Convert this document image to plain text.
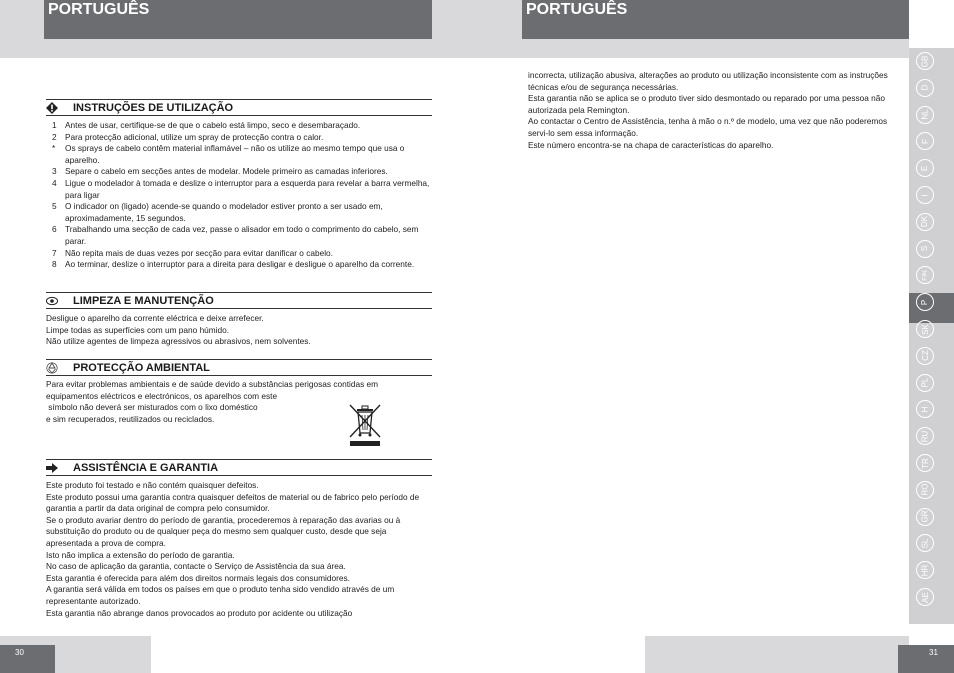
PORTUGUÊS	PORTUGUÊS
INSTRUÇÕES DE UTILIZAÇÃO
1 Antes de usar, certifique-se de que o cabelo está limpo, seco e desembaraçado.
2 Para protecção adicional, utilize um spray de protecção contra o calor.
* Os sprays de cabelo contêm material inflamável – não os utilize ao mesmo tempo que usa o aparelho.
3 Separe o cabelo em secções antes de modelar. Modele primeiro as camadas inferiores.
4 Ligue o modelador à tomada e deslize o interruptor para a esquerda para revelar a barra vermelha, para ligar
5 O indicador on (ligado) acende-se quando o modelador estiver pronto a ser usado em, aproximadamente, 15 segundos.
6 Trabalhando uma secção de cada vez, passe o alisador em todo o comprimento do cabelo, sem parar.
7 Não repita mais de duas vezes por secção para evitar danificar o cabelo.
8 Ao terminar, deslize o interruptor para a direita para desligar e desligue o aparelho da corrente.
LIMPEZA E MANUTENÇÃO
Desligue o aparelho da corrente eléctrica e deixe arrefecer.
Limpe todas as superfícies com um pano húmido.
Não utilize agentes de limpeza agressivos ou abrasivos, nem solventes.
PROTECÇÃO AMBIENTAL
Para evitar problemas ambientais e de saúde devido a substâncias perigosas contidas em
equipamentos eléctricos e electrónicos, os aparelhos com este
símbolo não deverá ser misturados com o lixo doméstico
e sim recuperados, reutilizados ou reciclados.
ASSISTÊNCIA E GARANTIA
Este produto foi testado e não contém quaisquer defeitos.
Este produto possui uma garantia contra quaisquer defeitos de material ou de fabrico pelo período de garantia a partir da data original de compra pelo consumidor.
Se o produto avariar dentro do período de garantia, procederemos à reparação das avarias ou à substituição do produto ou de qualquer peça do mesmo sem qualquer custo, desde que seja apresentada a prova de compra.
Isto não implica a extensão do período de garantia.
No caso de aplicação da garantia, contacte o Serviço de Assistência da sua área.
Esta garantia é oferecida para além dos direitos normais legais dos consumidores.
A garantia será válida em todos os países em que o produto tenha sido vendido através de um representante autorizado.
Esta garantia não abrange danos provocados ao produto por acidente ou utilização
incorrecta, utilização abusiva, alterações ao produto ou utilização inconsistente com as instruções técnicas e/ou de segurança necessárias.
Esta garantia não se aplica se o produto tiver sido desmontado ou reparado por uma pessoa não autorizada pela Remington.
Ao contactar o Centro de Assistência, tenha à mão o n.º de modelo, uma vez que não poderemos servi-lo sem essa informação.
Este número encontra-se na chapa de características do aparelho.
GB
D
NL
F
E
I
DK
S
FIN
P
SK
CZ
PL
H
RU
TR
RO
GR
SL
HR
AE
30	31
